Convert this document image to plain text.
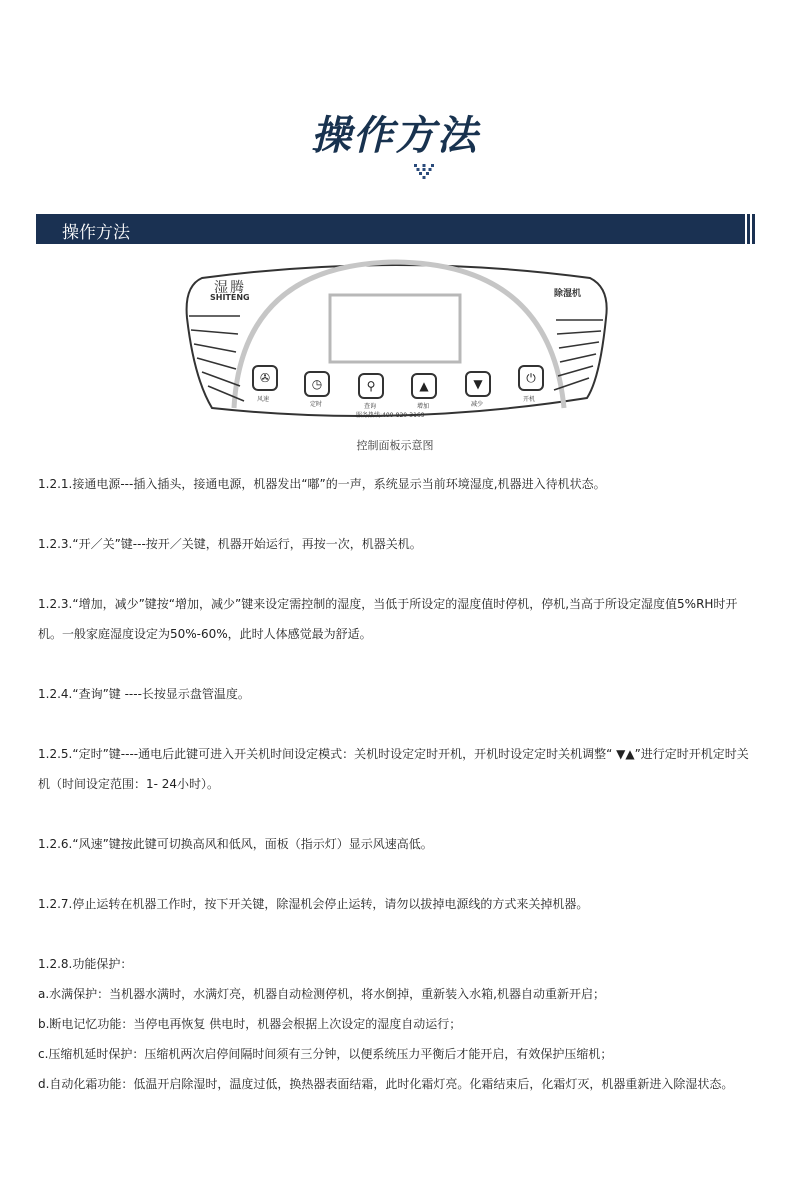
操作方法
操作方法
湿腾
SHITENG	除湿机
✇
风速
◷
定时
⚲
查询
▲
增加
▼
减少
⏻
开机
服务热线:400-820-3169
控制面板示意图

1.2.1.接通电源---插入插头，接通电源，机器发出“嘟”的一声，系统显示当前环境湿度,机器进入待机状态。

1.2.3.“开／关”键---按开／关键，机器开始运行，再按一次，机器关机。

1.2.3.“增加，减少”键按“增加，减少”键来设定需控制的湿度，当低于所设定的湿度值时停机，停机,当高于所设定湿度值5%RH时开机。一般家庭湿度设定为50%-60%，此时人体感觉最为舒适。

1.2.4.“查询”键 ----长按显示盘管温度。

1.2.5.“定时”键----通电后此键可进入开关机时间设定模式：关机时设定定时开机，开机时设定定时关机调整“ ▼▲”进行定时开机定时关机（时间设定范围：1- 24小时）。

1.2.6.“风速”键按此键可切换高风和低风，面板（指示灯）显示风速高低。

1.2.7.停止运转在机器工作时，按下开关键，除湿机会停止运转，请勿以拔掉电源线的方式来关掉机器。

1.2.8.功能保护：

a.水满保护：当机器水满时，水满灯亮，机器自动检测停机，将水倒掉，重新装入水箱,机器自动重新开启；

b.断电记忆功能：当停电再恢复 供电时，机器会根据上次设定的湿度自动运行；

c.压缩机延时保护：压缩机两次启停间隔时间须有三分钟，以便系统压力平衡后才能开启，有效保护压缩机；

d.自动化霜功能：低温开启除湿时，温度过低，换热器表面结霜，此时化霜灯亮。化霜结束后，化霜灯灭，机器重新进入除湿状态。
